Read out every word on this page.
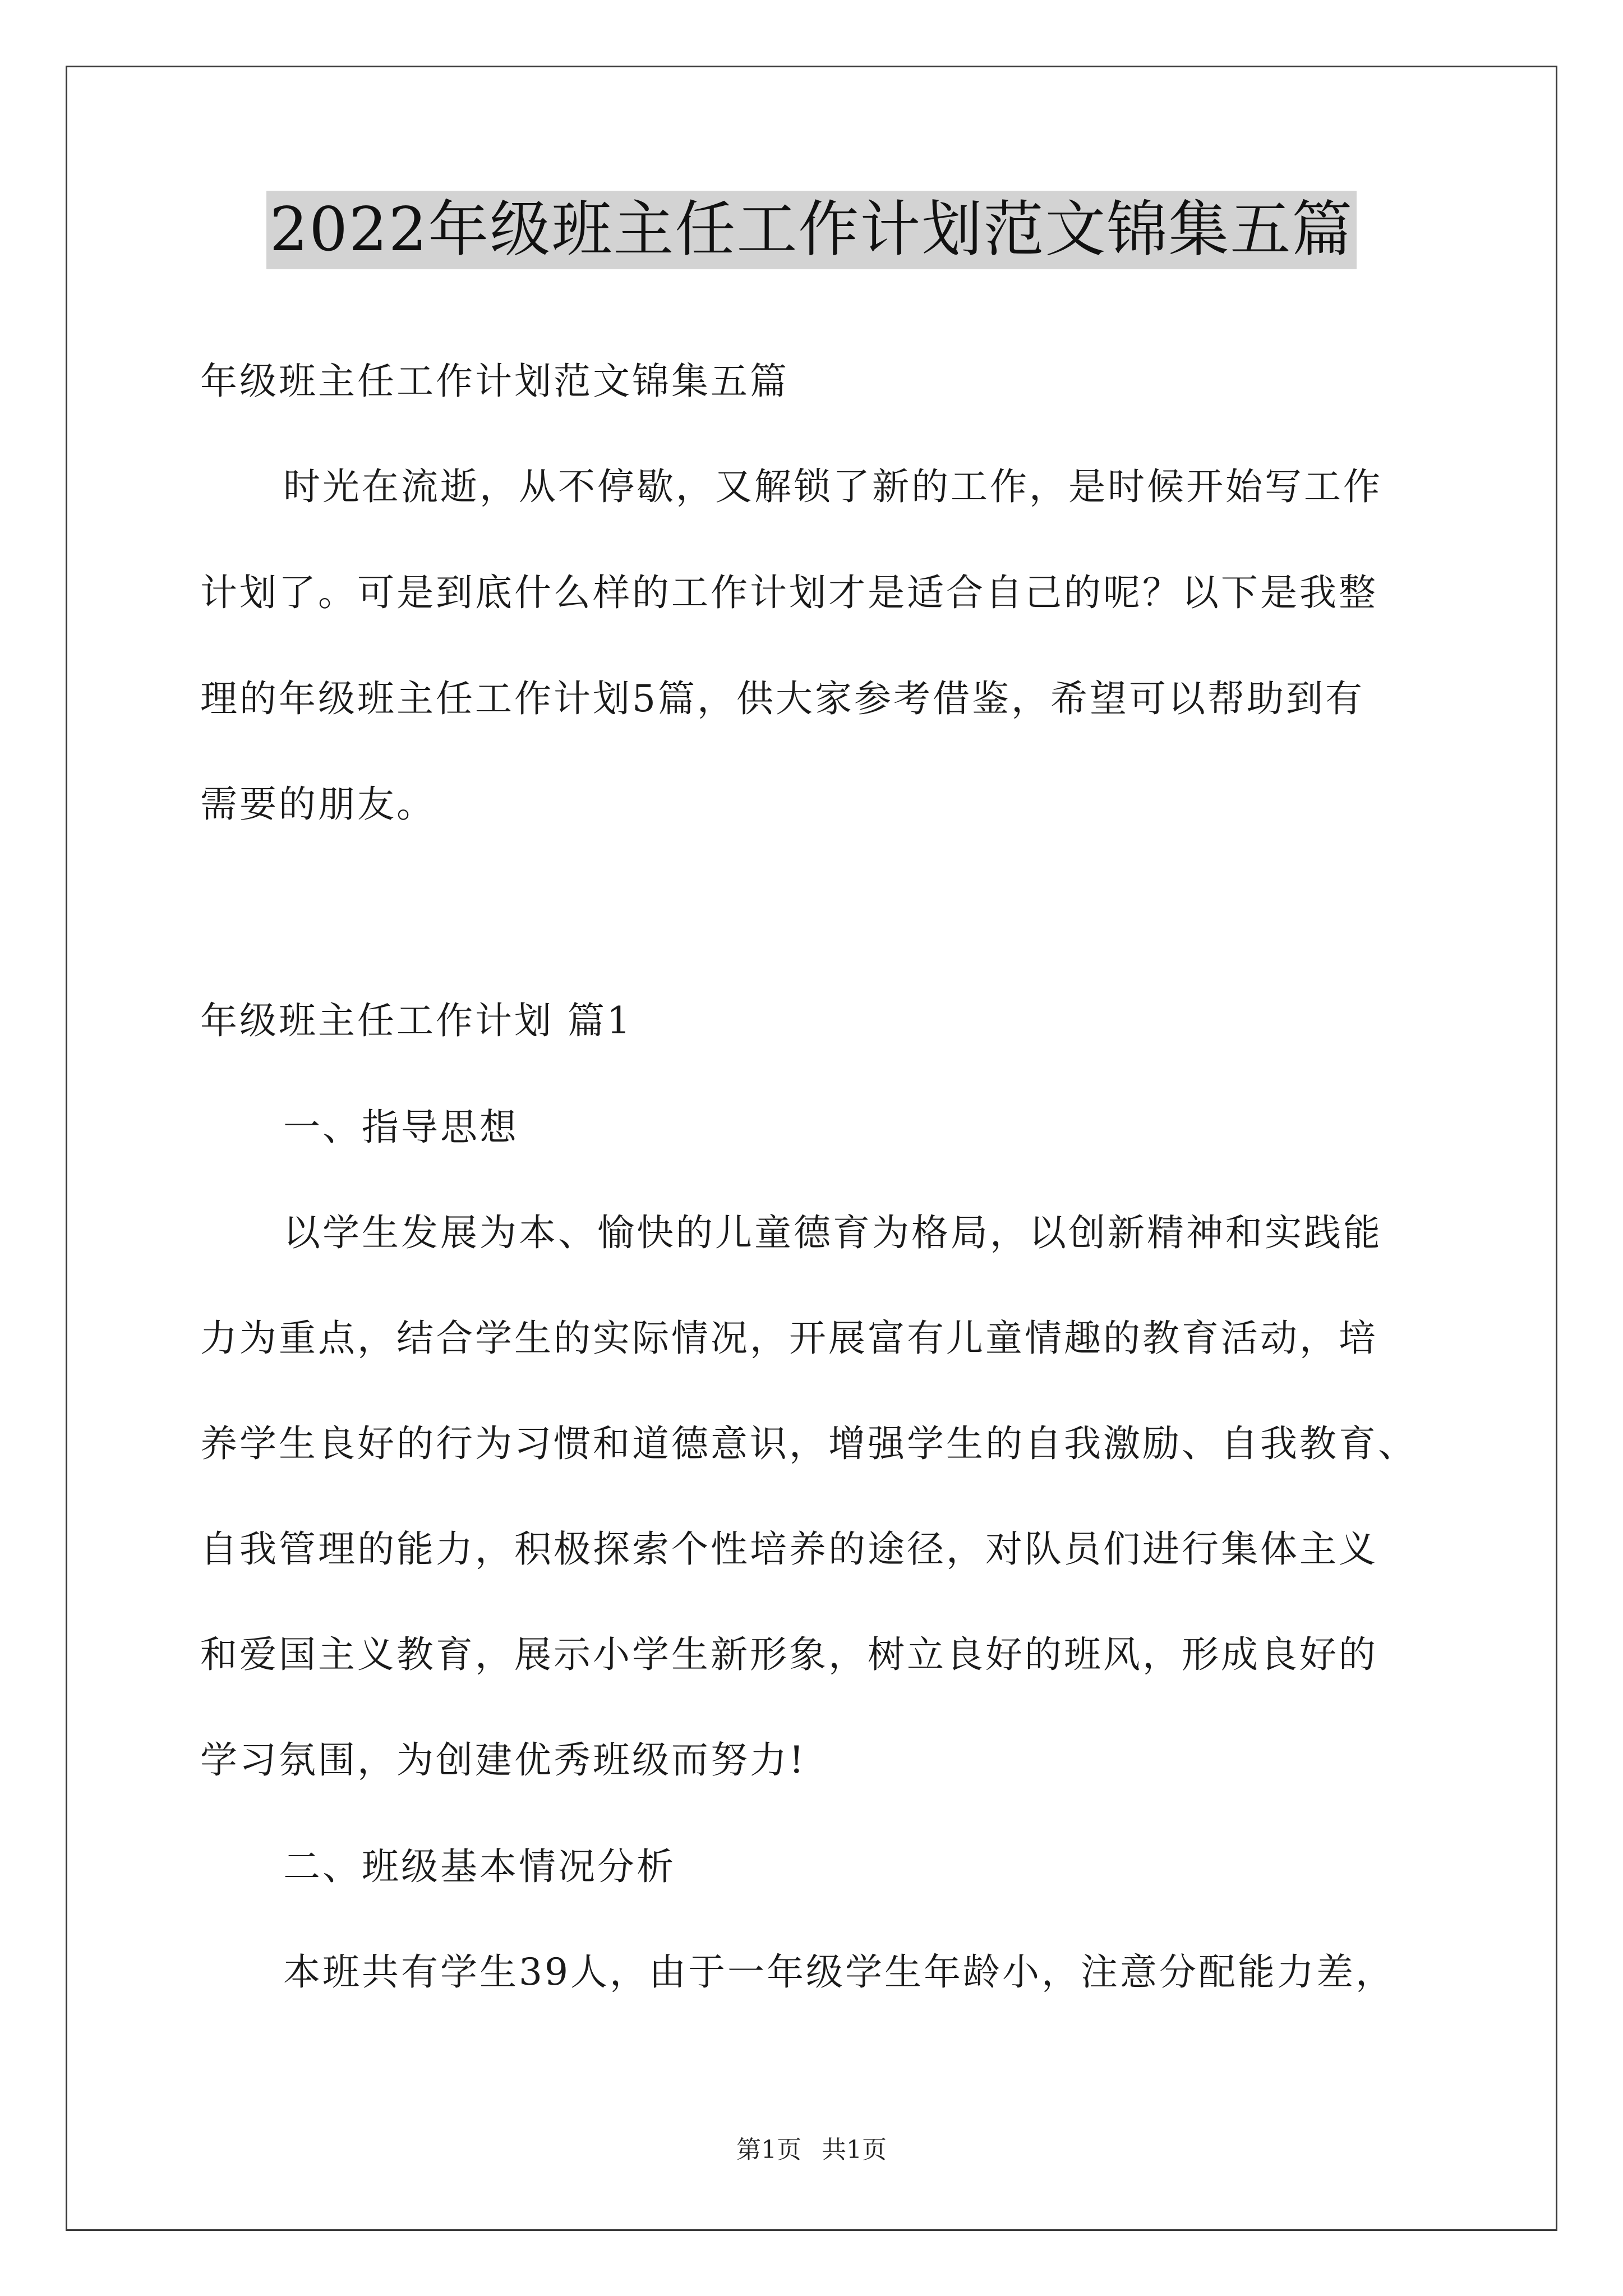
2022年级班主任工作计划范文锦集五篇
年级班主任工作计划范文锦集五篇
时光在流逝，从不停歇，又解锁了新的工作，是时候开始写工作
计划了。可是到底什么样的工作计划才是适合自己的呢？以下是我整
理的年级班主任工作计划5篇，供大家参考借鉴，希望可以帮助到有
需要的朋友。
年级班主任工作计划 篇1
一、指导思想
以学生发展为本、愉快的儿童德育为格局，以创新精神和实践能
力为重点，结合学生的实际情况，开展富有儿童情趣的教育活动，培
养学生良好的行为习惯和道德意识，增强学生的自我激励、自我教育、
自我管理的能力，积极探索个性培养的途径，对队员们进行集体主义
和爱国主义教育，展示小学生新形象，树立良好的班风，形成良好的
学习氛围，为创建优秀班级而努力!
二、班级基本情况分析
本班共有学生39人，由于一年级学生年龄小，注意分配能力差，
第1页 共1页
